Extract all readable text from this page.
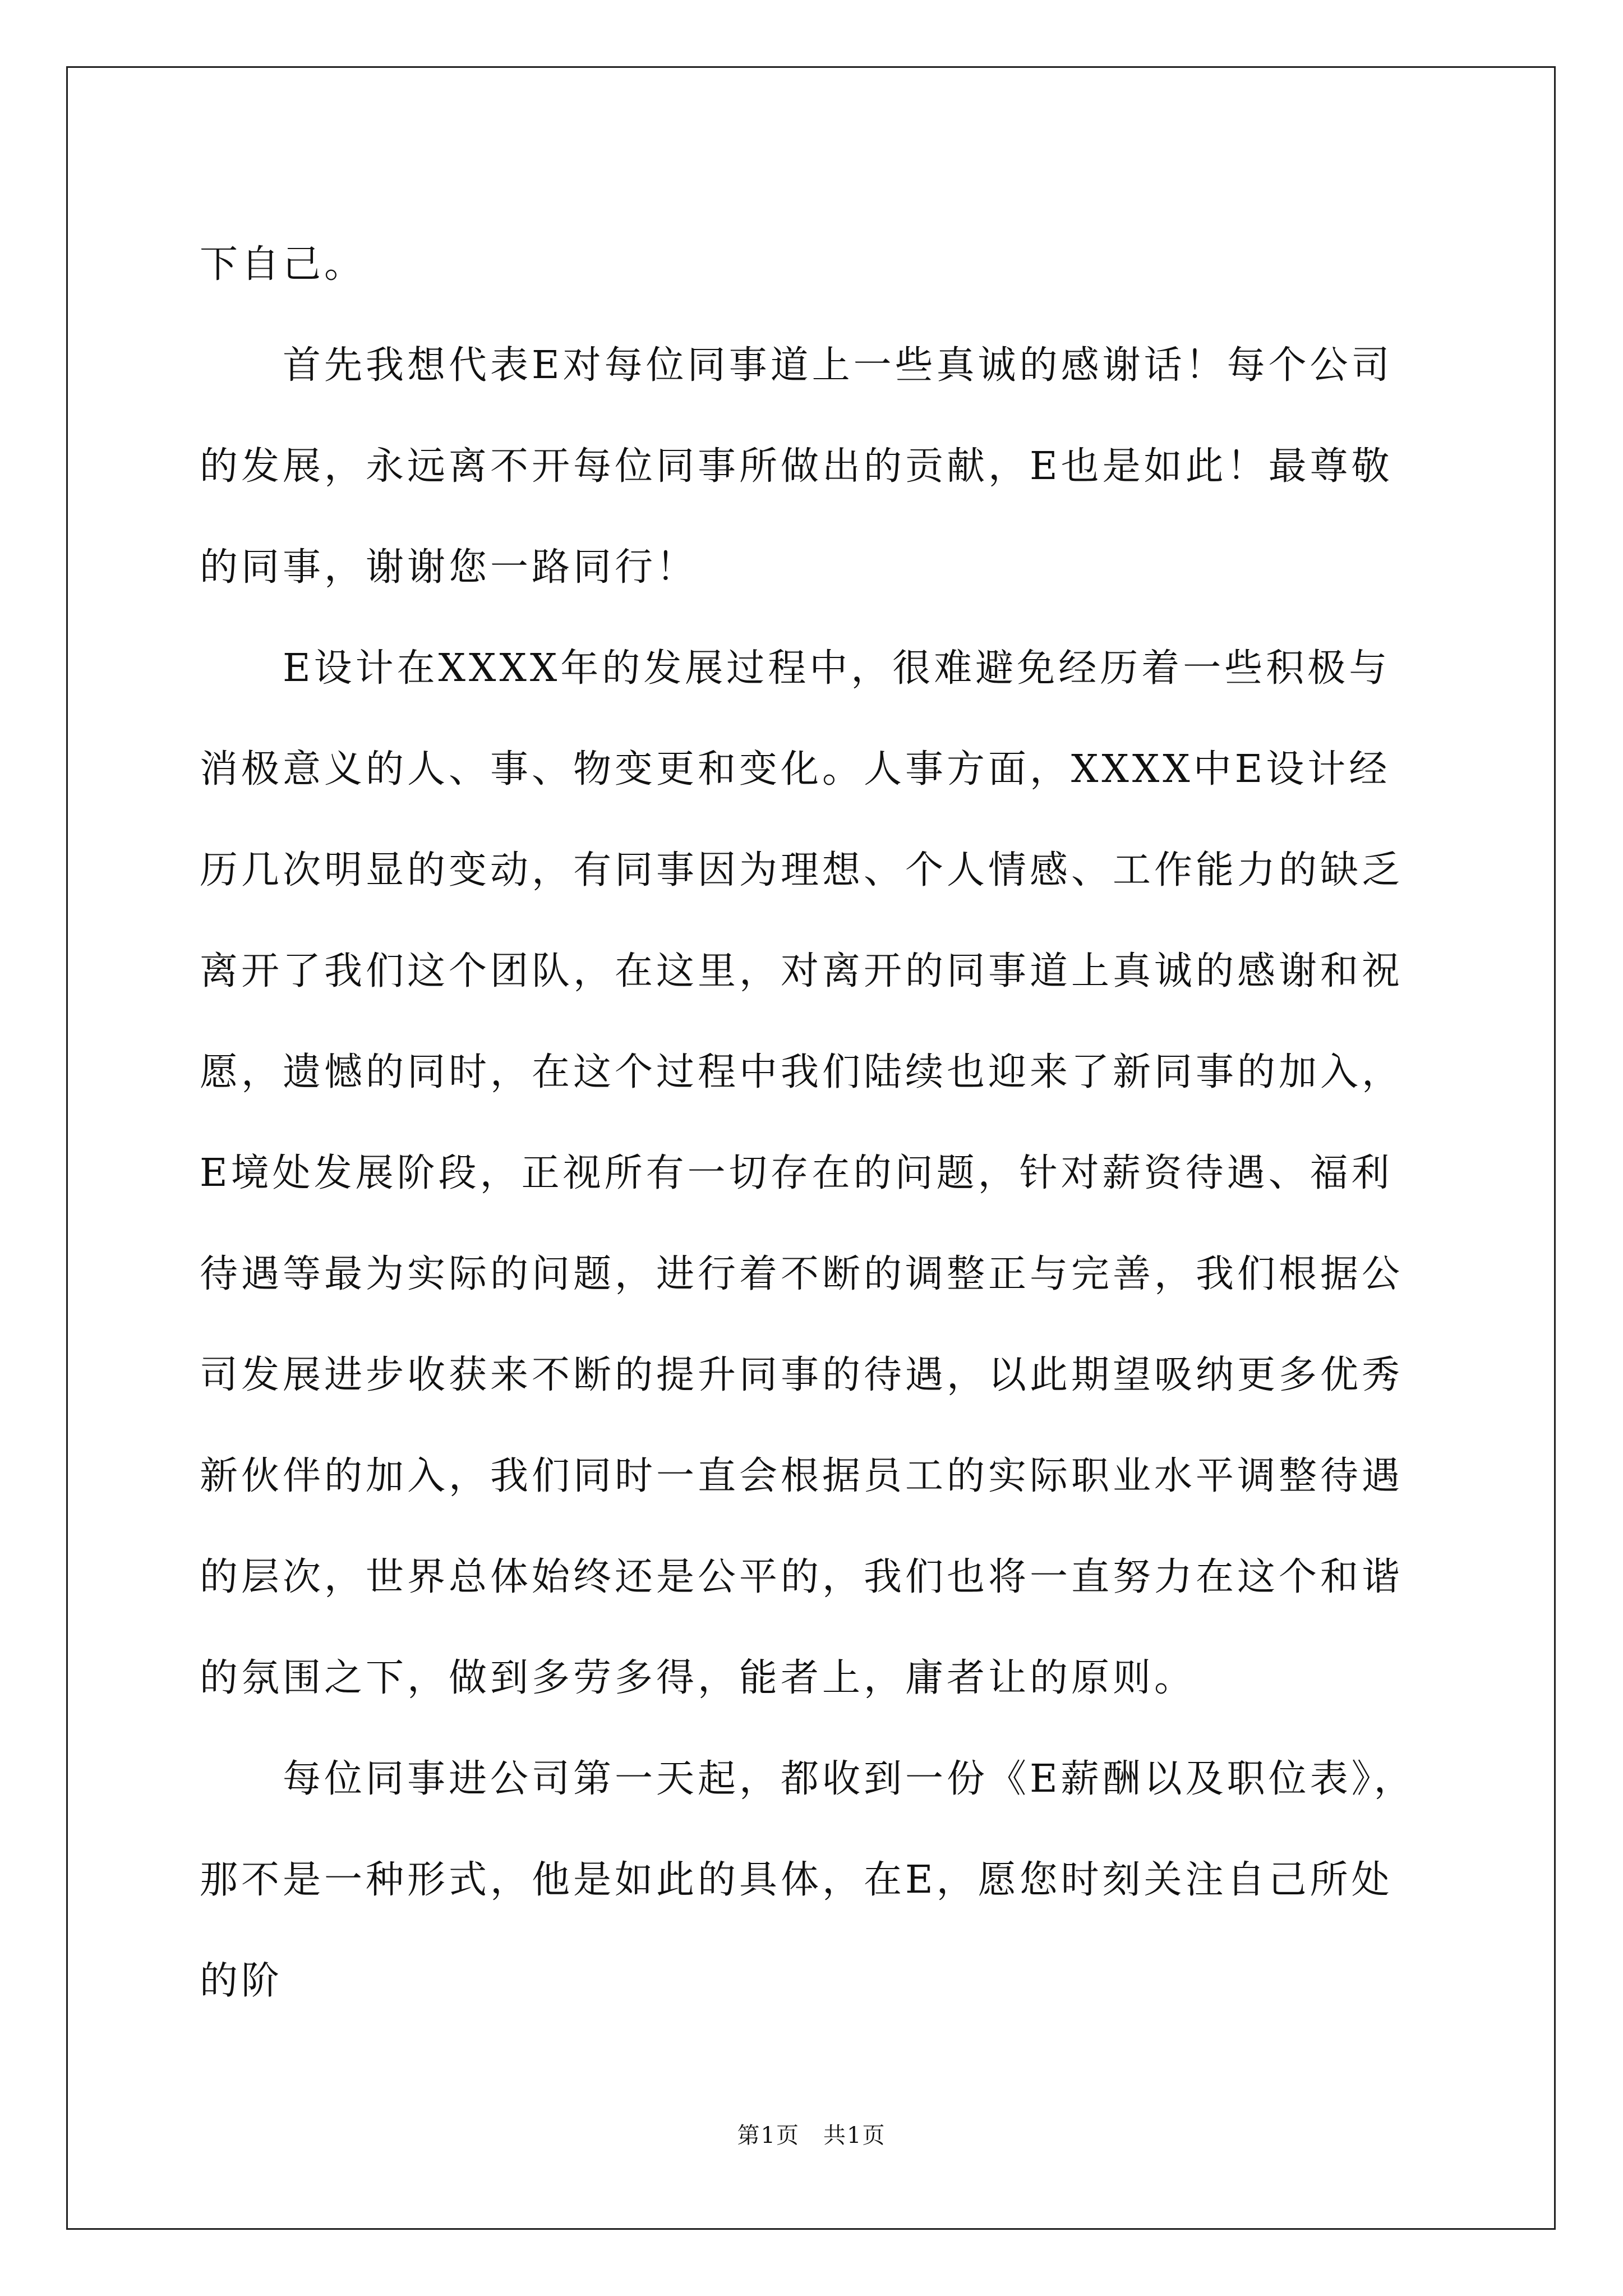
下自己。

　　首先我想代表E对每位同事道上一些真诚的感谢话！每个公司的发展，永远离不开每位同事所做出的贡献，E也是如此！最尊敬的同事，谢谢您一路同行！

　　E设计在XXXX年的发展过程中，很难避免经历着一些积极与消极意义的人、事、物变更和变化。人事方面，XXXX中E设计经历几次明显的变动，有同事因为理想、个人情感、工作能力的缺乏离开了我们这个团队，在这里，对离开的同事道上真诚的感谢和祝愿，遗憾的同时，在这个过程中我们陆续也迎来了新同事的加入，E境处发展阶段，正视所有一切存在的问题，针对薪资待遇、福利待遇等最为实际的问题，进行着不断的调整正与完善，我们根据公司发展进步收获来不断的提升同事的待遇，以此期望吸纳更多优秀新伙伴的加入，我们同时一直会根据员工的实际职业水平调整待遇的层次，世界总体始终还是公平的，我们也将一直努力在这个和谐的氛围之下，做到多劳多得，能者上，庸者让的原则。

　　每位同事进公司第一天起，都收到一份《E薪酬以及职位表》，那不是一种形式，他是如此的具体，在E，愿您时刻关注自己所处的阶

第1页　共1页
